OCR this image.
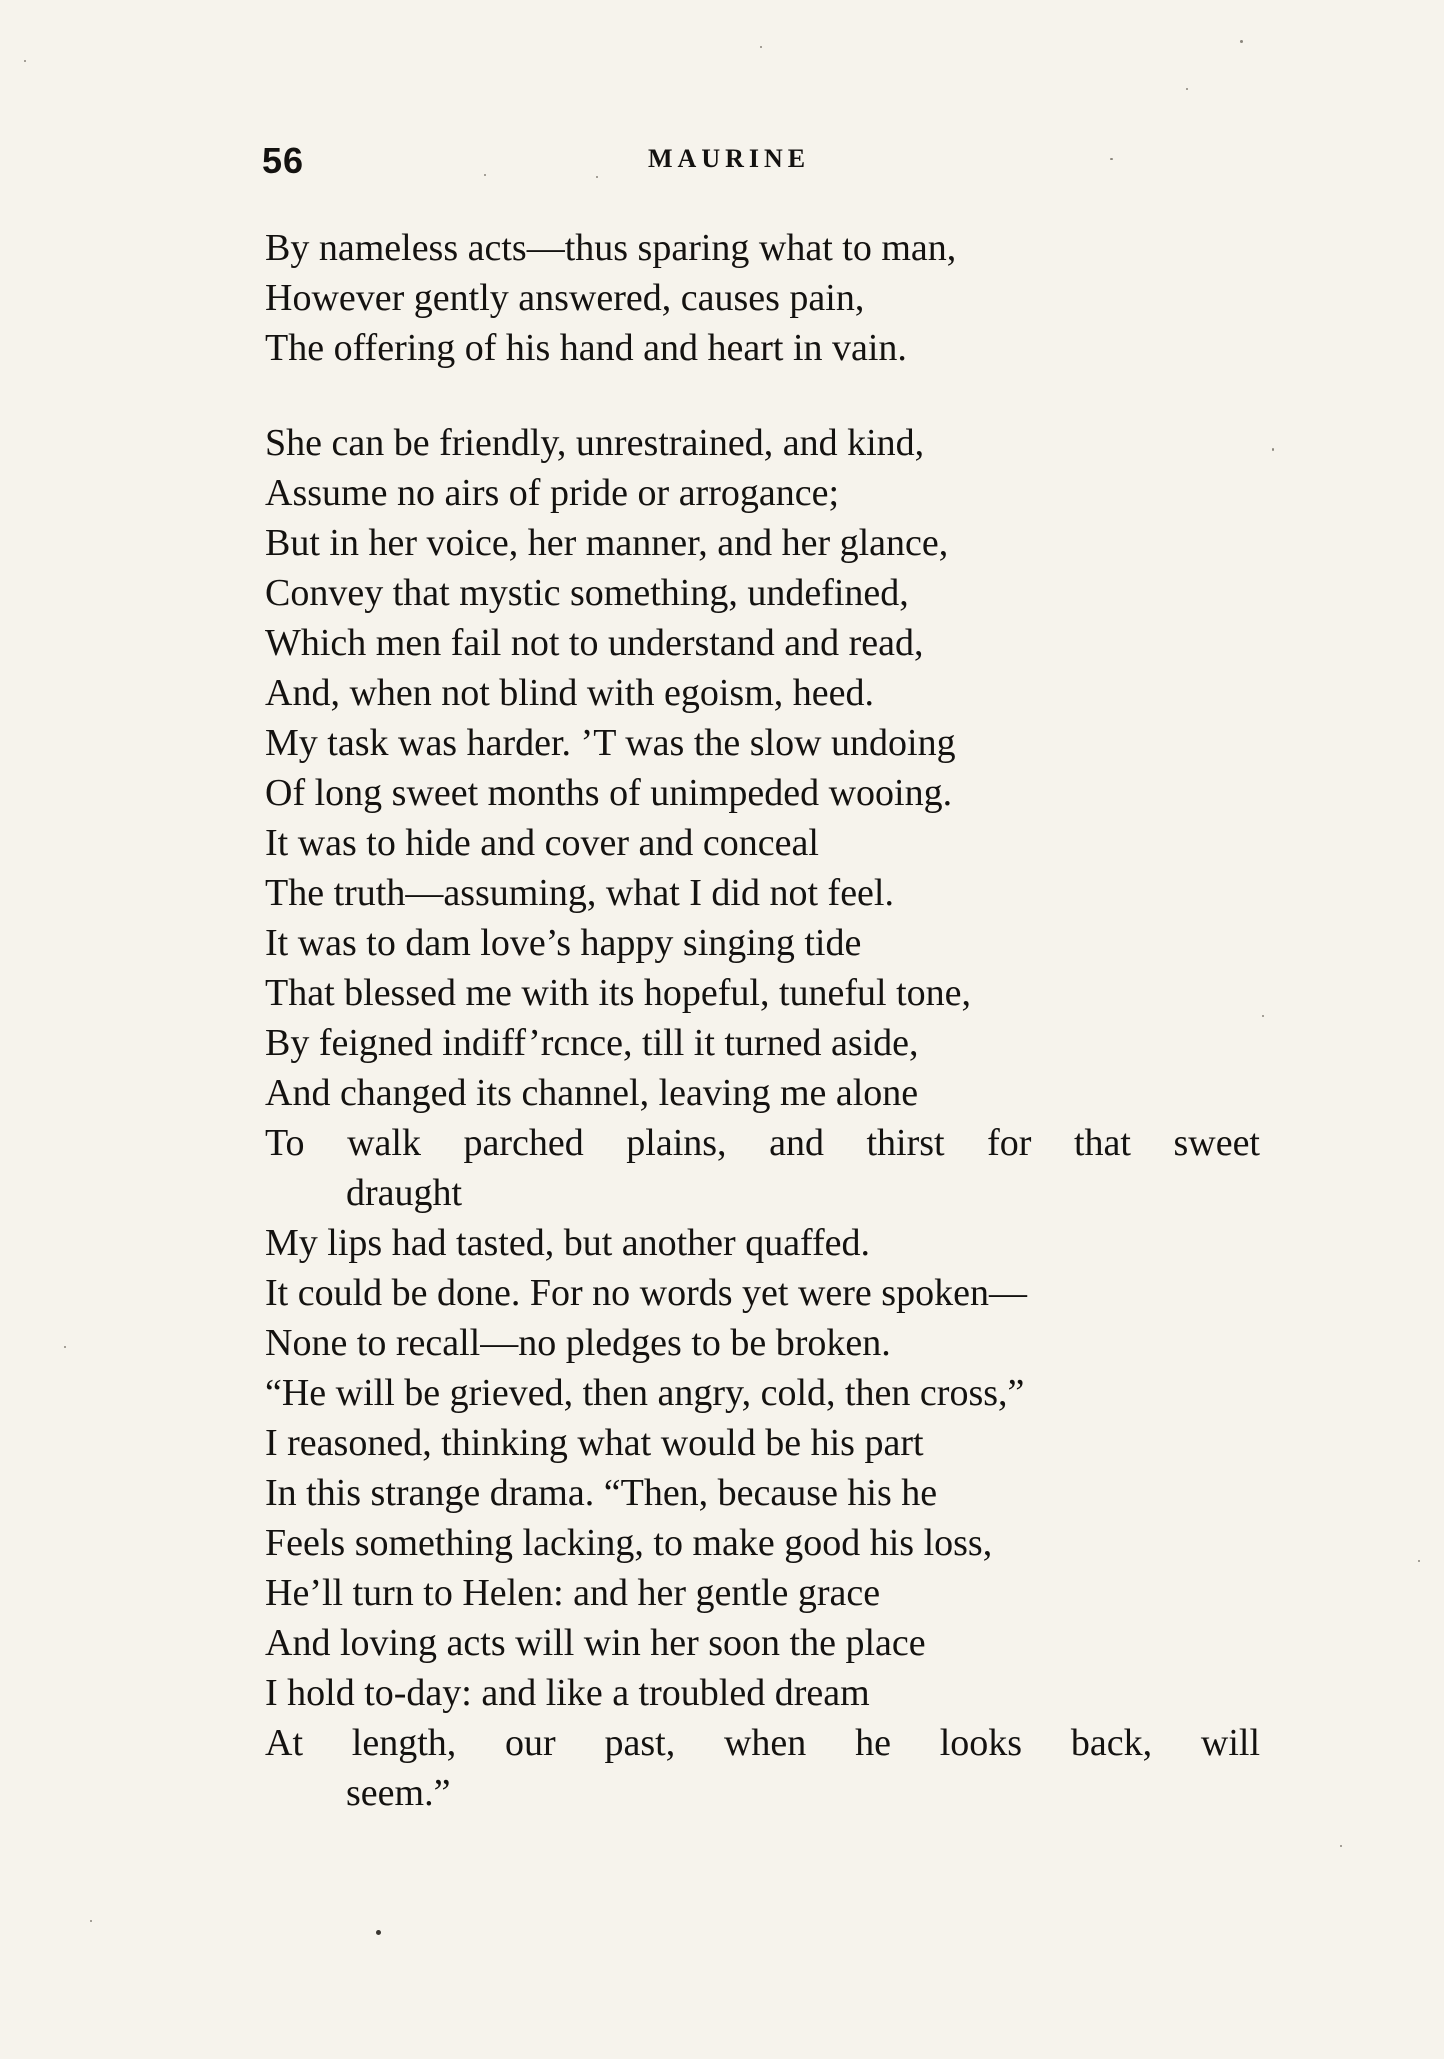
56	MAURINE
By nameless acts—thus sparing what to man,
However gently answered, causes pain,
The offering of his hand and heart in vain.
She can be friendly, unrestrained, and kind,
Assume no airs of pride or arrogance;
But in her voice, her manner, and her glance,
Convey that mystic something, undefined,
Which men fail not to understand and read,
And, when not blind with egoism, heed.
My task was harder. ’T was the slow undoing
Of long sweet months of unimpeded wooing.
It was to hide and cover and conceal
The truth—assuming, what I did not feel.
It was to dam love’s happy singing tide
That blessed me with its hopeful, tuneful tone,
By feigned indiff’rcnce, till it turned aside,
And changed its channel, leaving me alone
To walk parched plains, and thirst for that sweet
draught
My lips had tasted, but another quaffed.
It could be done. For no words yet were spoken—
None to recall—no pledges to be broken.
“He will be grieved, then angry, cold, then cross,”
I reasoned, thinking what would be his part
In this strange drama. “Then, because his he
Feels something lacking, to make good his loss,
He’ll turn to Helen: and her gentle grace
And loving acts will win her soon the place
I hold to-day: and like a troubled dream
At length, our past, when he looks back, will
seem.”
